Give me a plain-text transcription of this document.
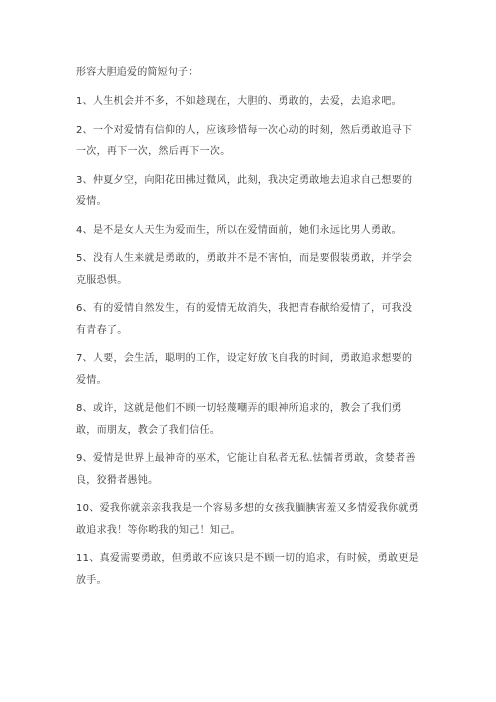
形容大胆追爱的简短句子：
1、人生机会并不多，不如趁现在，大胆的、勇敢的，去爱，去追求吧。
2、一个对爱情有信仰的人，应该珍惜每一次心动的时刻，然后勇敢追寻下一次，再下一次，然后再下一次。
3、仲夏夕空，向阳花田拂过微风，此刻，我决定勇敢地去追求自己想要的爱情。
4、是不是女人天生为爱而生，所以在爱情面前，她们永远比男人勇敢。
5、没有人生来就是勇敢的，勇敢并不是不害怕，而是要假装勇敢，并学会克服恐惧。
6、有的爱情自然发生，有的爱情无故消失，我把青春献给爱情了，可我没有青春了。
7、人要，会生活，聪明的工作，设定好放飞自我的时间，勇敢追求想要的爱情。
8、或许，这就是他们不顾一切轻蔑嘲弄的眼神所追求的，教会了我们勇敢，而朋友，教会了我们信任。
9、爱情是世界上最神奇的巫术，它能让自私者无私.怯懦者勇敢，贪婪者善良，狡猾者愚钝。
10、爱我你就亲亲我我是一个容易多想的女孩我腼腆害羞又多情爱我你就勇敢追求我！等你哟我的知己！知己。
11、真爱需要勇敢，但勇敢不应该只是不顾一切的追求，有时候，勇敢更是放手。
